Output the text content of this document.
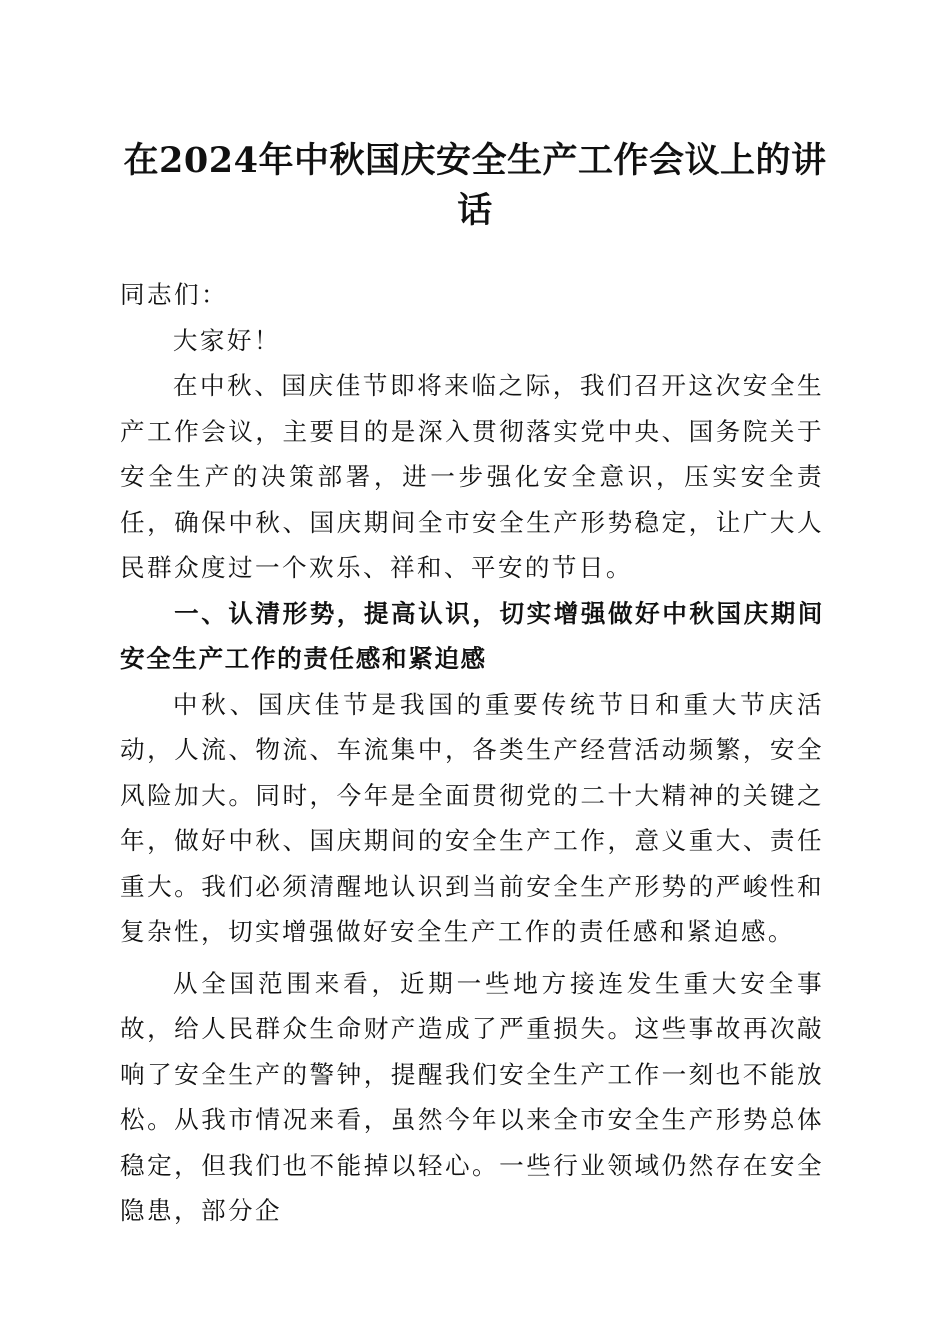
在2024年中秋国庆安全生产工作会议上的讲话

同志们：

大家好！

在中秋、国庆佳节即将来临之际，我们召开这次安全生产工作会议，主要目的是深入贯彻落实党中央、国务院关于安全生产的决策部署，进一步强化安全意识，压实安全责任，确保中秋、国庆期间全市安全生产形势稳定，让广大人民群众度过一个欢乐、祥和、平安的节日。

一、认清形势，提高认识，切实增强做好中秋国庆期间安全生产工作的责任感和紧迫感

中秋、国庆佳节是我国的重要传统节日和重大节庆活动，人流、物流、车流集中，各类生产经营活动频繁，安全风险加大。同时，今年是全面贯彻党的二十大精神的关键之年，做好中秋、国庆期间的安全生产工作，意义重大、责任重大。我们必须清醒地认识到当前安全生产形势的严峻性和复杂性，切实增强做好安全生产工作的责任感和紧迫感。

从全国范围来看，近期一些地方接连发生重大安全事故，给人民群众生命财产造成了严重损失。这些事故再次敲响了安全生产的警钟，提醒我们安全生产工作一刻也不能放松。从我市情况来看，虽然今年以来全市安全生产形势总体稳定，但我们也不能掉以轻心。一些行业领域仍然存在安全隐患，部分企
